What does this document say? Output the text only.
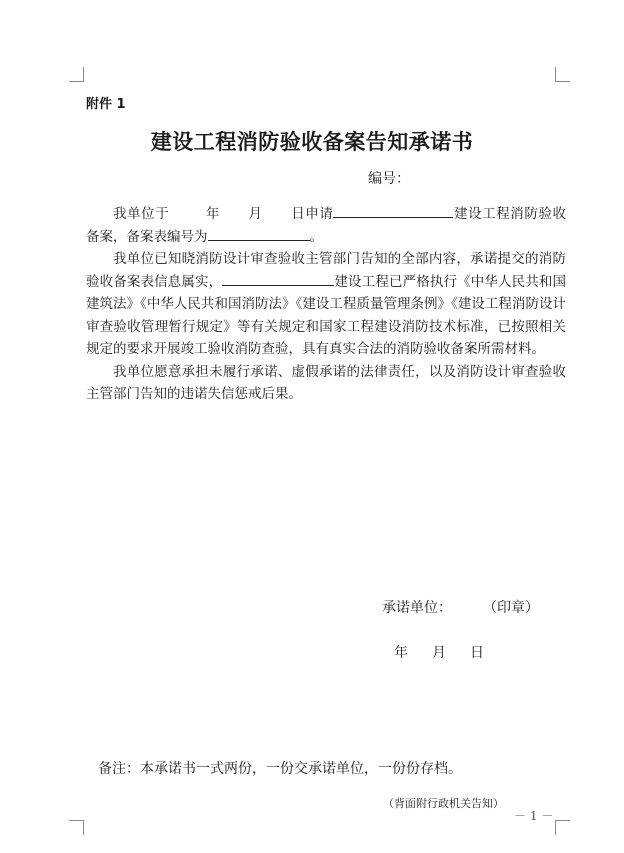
附件 1
建设工程消防验收备案告知承诺书
编号：

我单位于	年 月 日申请	建设工程消防验收备案，备案表编号为	。

我单位已知晓消防设计审查验收主管部门告知的全部内容，承诺提交的消防验收备案表信息属实，	建设工程已严格执行《中华人民共和国建筑法》《中华人民共和国消防法》《建设工程质量管理条例》《建设工程消防设计审查验收管理暂行规定》等有关规定和国家工程建设消防技术标准，已按照相关规定的要求开展竣工验收消防查验，具有真实合法的消防验收备案所需材料。

我单位愿意承担未履行承诺、虚假承诺的法律责任，以及消防设计审查验收主管部门告知的违诺失信惩戒后果。

承诺单位：	（印章）
年 月 日
备注：本承诺书一式两份，一份交承诺单位，一份份存档。
（背面附行政机关告知）
－ 1 －
